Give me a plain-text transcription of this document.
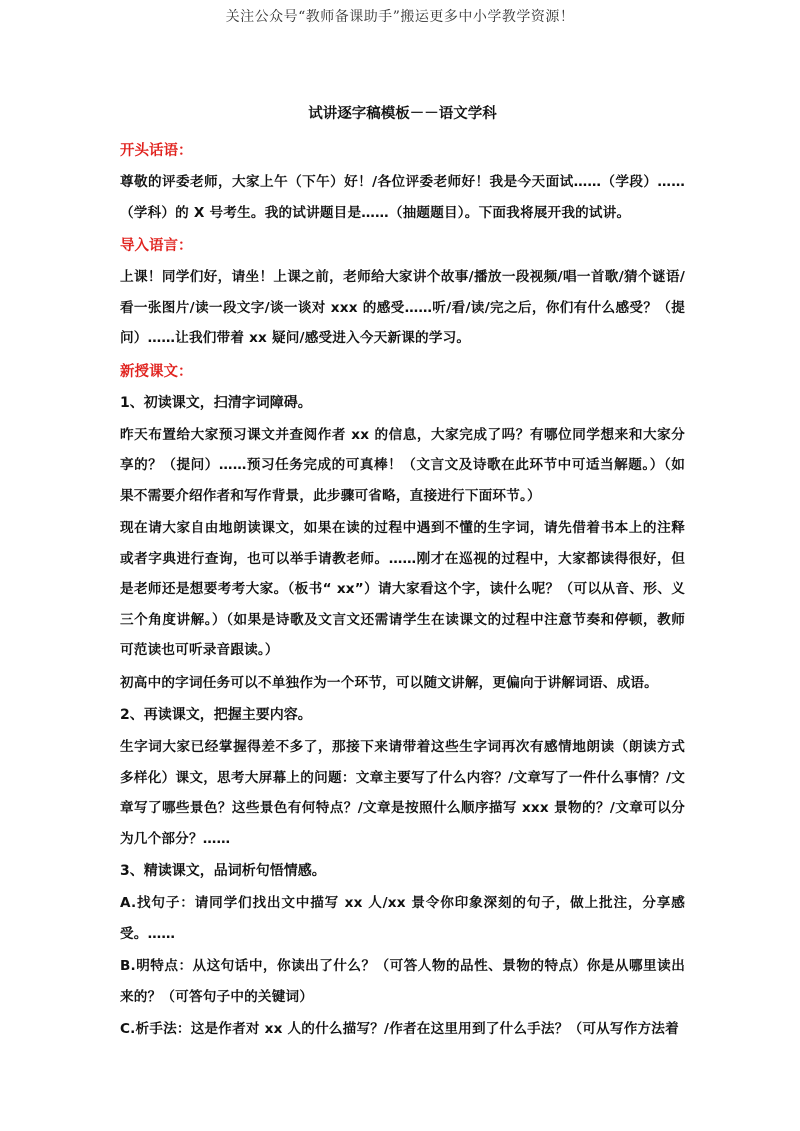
关注公众号“教师备课助手”搬运更多中小学教学资源！
试讲逐字稿模板－－语文学科
开头话语：

尊敬的评委老师，大家上午（下午）好！/各位评委老师好！我是今天面试……（学段）……（学科）的 X 号考生。我的试讲题目是……（抽题题目）。下面我将展开我的试讲。

导入语言：

上课！同学们好，请坐！上课之前，老师给大家讲个故事/播放一段视频/唱一首歌/猜个谜语/看一张图片/读一段文字/谈一谈对 xxx 的感受……听/看/读/完之后，你们有什么感受？（提问）……让我们带着 xx 疑问/感受进入今天新课的学习。

新授课文：
1、初读课文，扫清字词障碍。

昨天布置给大家预习课文并查阅作者 xx 的信息，大家完成了吗？有哪位同学想来和大家分享的？（提问）……预习任务完成的可真棒！（文言文及诗歌在此环节中可适当解题。）（如果不需要介绍作者和写作背景，此步骤可省略，直接进行下面环节。）

现在请大家自由地朗读课文，如果在读的过程中遇到不懂的生字词，请先借着书本上的注释或者字典进行查询，也可以举手请教老师。……刚才在巡视的过程中，大家都读得很好，但是老师还是想要考考大家。（板书“ xx”）请大家看这个字，读什么呢？（可以从音、形、义三个角度讲解。）（如果是诗歌及文言文还需请学生在读课文的过程中注意节奏和停顿，教师可范读也可听录音跟读。）

初高中的字词任务可以不单独作为一个环节，可以随文讲解，更偏向于讲解词语、成语。

2、再读课文，把握主要内容。

生字词大家已经掌握得差不多了，那接下来请带着这些生字词再次有感情地朗读（朗读方式多样化）课文，思考大屏幕上的问题：文章主要写了什么内容？/文章写了一件什么事情？/文章写了哪些景色？这些景色有何特点？/文章是按照什么顺序描写 xxx 景物的？/文章可以分为几个部分？……

3、精读课文，品词析句悟情感。

A.找句子：请同学们找出文中描写 xx 人/xx 景令你印象深刻的句子，做上批注，分享感受。……

B.明特点：从这句话中，你读出了什么？（可答人物的品性、景物的特点）你是从哪里读出来的？（可答句子中的关键词）

C.析手法：这是作者对 xx 人的什么描写？/作者在这里用到了什么手法？（可从写作方法着
